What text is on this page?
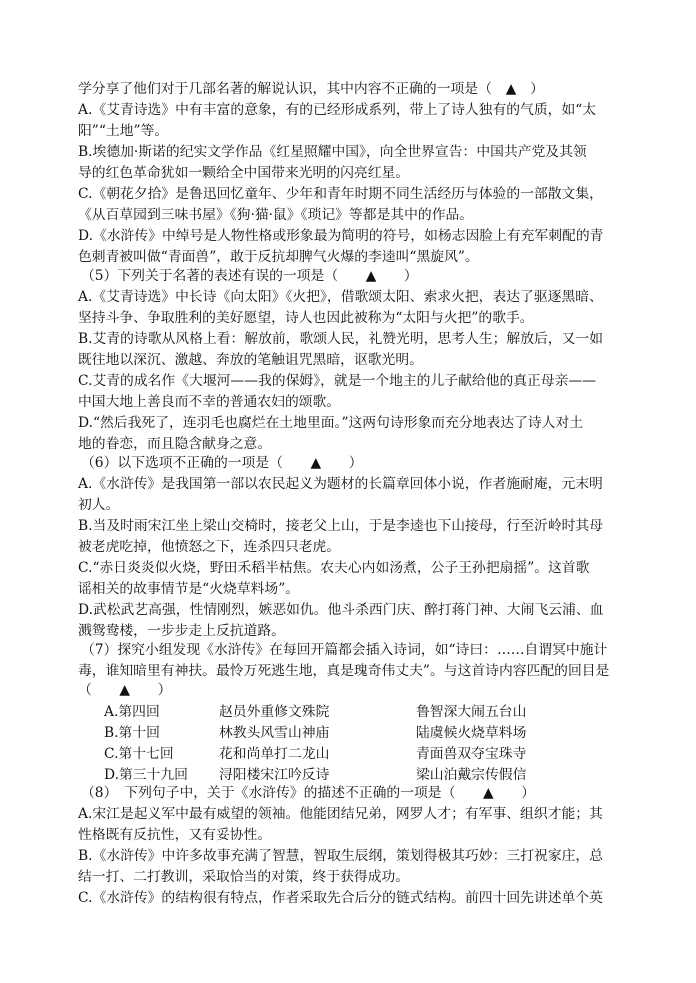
学分享了他们对于几部名著的解说认识，其中内容不正确的一项是（　▲　）
A.《艾青诗选》中有丰富的意象，有的已经形成系列，带上了诗人独有的气质，如“太
阳”“土地”等。
B.埃德加·斯诺的纪实文学作品《红星照耀中国》，向全世界宣告：中国共产党及其领
导的红色革命犹如一颗给全中国带来光明的闪亮红星。
C.《朝花夕拾》是鲁迅回忆童年、少年和青年时期不同生活经历与体验的一部散文集，
《从百草园到三味书屋》《狗·猫·鼠》《琐记》等都是其中的作品。
D.《水浒传》中绰号是人物性格或形象最为简明的符号，如杨志因脸上有充军刺配的青
色刺青被叫做“青面兽”，敢于反抗却脾气火爆的李逵叫“黑旋风”。
（5）下列关于名著的表述有误的一项是（　　▲　　）
A.《艾青诗选》中长诗《向太阳》《火把》，借歌颂太阳、索求火把，表达了驱逐黑暗、
坚持斗争、争取胜利的美好愿望，诗人也因此被称为“太阳与火把”的歌手。
B.艾青的诗歌从风格上看：解放前，歌颂人民，礼赞光明，思考人生；解放后，又一如
既往地以深沉、激越、奔放的笔触诅咒黑暗，讴歌光明。
C.艾青的成名作《大堰河——我的保姆》，就是一个地主的儿子献给他的真正母亲——
中国大地上善良而不幸的普通农妇的颂歌。
D.“然后我死了，连羽毛也腐烂在土地里面。”这两句诗形象而充分地表达了诗人对土
地的眷恋，而且隐含献身之意。
（6）以下选项不正确的一项是（　　▲　　）
A.《水浒传》是我国第一部以农民起义为题材的长篇章回体小说，作者施耐庵，元末明
初人。
B.当及时雨宋江坐上梁山交椅时，接老父上山，于是李逵也下山接母，行至沂岭时其母
被老虎吃掉，他愤怒之下，连杀四只老虎。
C.“赤日炎炎似火烧，野田禾稻半枯焦。农夫心内如汤煮，公子王孙把扇摇”。这首歌
谣相关的故事情节是“火烧草料场”。
D.武松武艺高强，性情刚烈，嫉恶如仇。他斗杀西门庆、醉打蒋门神、大闹飞云浦、血
溅鸳鸯楼，一步步走上反抗道路。
（7）探究小组发现《水浒传》在每回开篇都会插入诗词，如“诗曰：……自谓冥中施计
毒，谁知暗里有神扶。最怜万死逃生地，真是瑰奇伟丈夫”。与这首诗内容匹配的回目是
（　　▲　　）
A.第四回	赵员外重修文殊院	鲁智深大闹五台山
B.第十回	林教头风雪山神庙	陆虞候火烧草料场
C.第十七回	花和尚单打二龙山	青面兽双夺宝珠寺
D.第三十九回 浔阳楼宋江吟反诗	梁山泊戴宗传假信
（8）　下列句子中，关于《水浒传》的描述不正确的一项是（　　▲　　）
A.宋江是起义军中最有威望的领袖。他能团结兄弟，网罗人才；有军事、组织才能；其
性格既有反抗性，又有妥协性。
B.《水浒传》中许多故事充满了智慧，智取生辰纲，策划得极其巧妙：三打祝家庄，总
结一打、二打教训，采取恰当的对策，终于获得成功。
C.《水浒传》的结构很有特点，作者采取先合后分的链式结构。前四十回先讲述单个英
